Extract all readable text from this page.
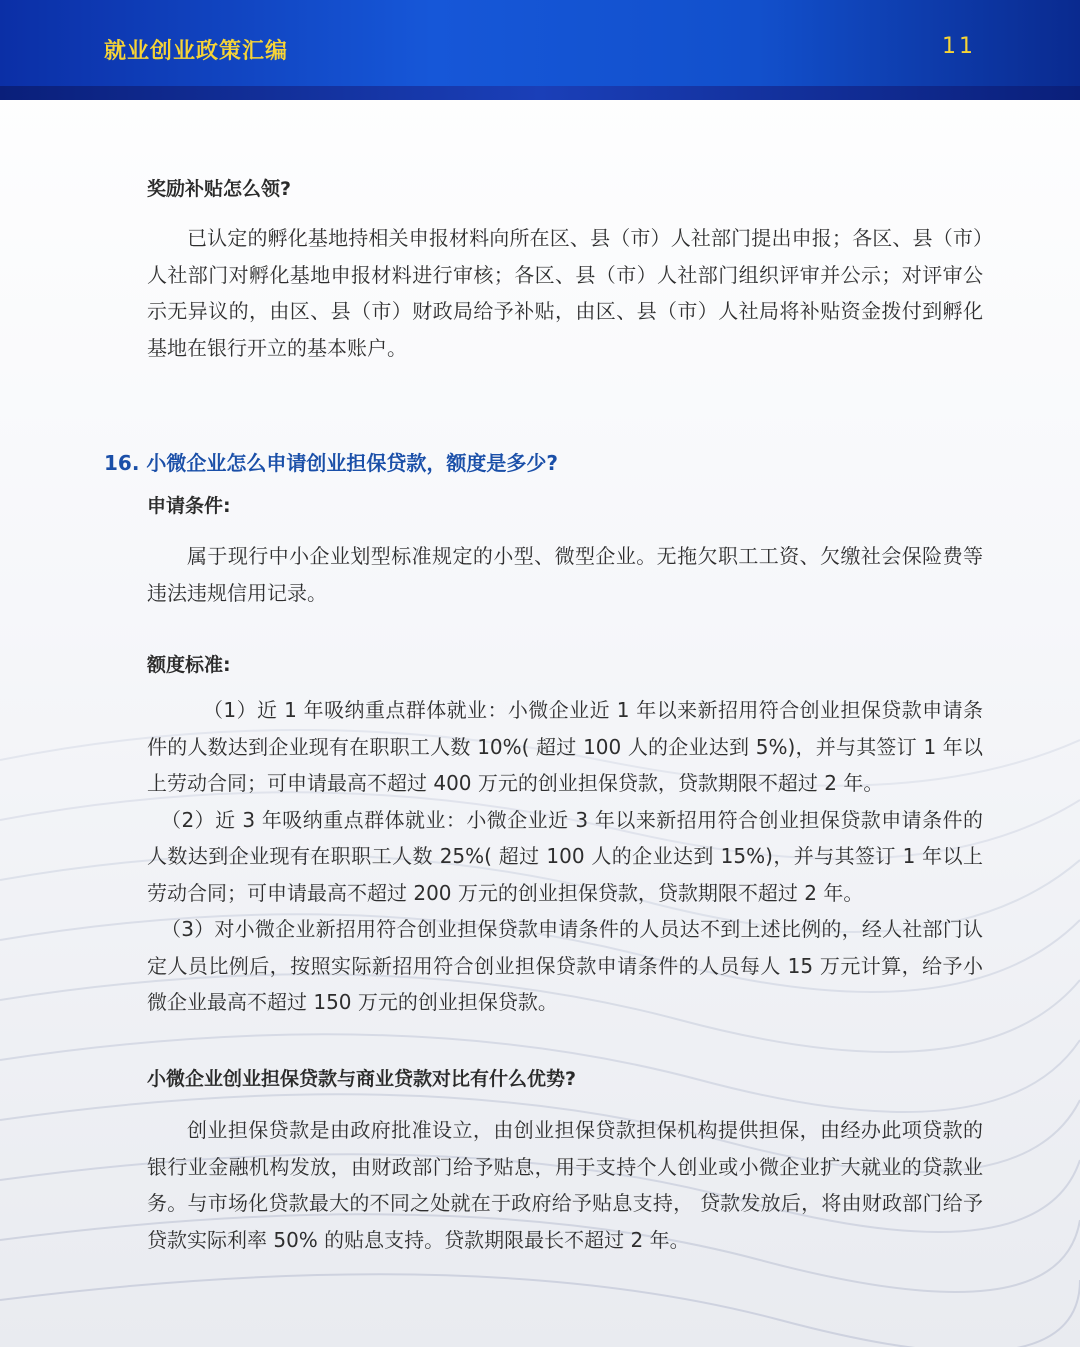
就业创业政策汇编	11
奖励补贴怎么领?

已认定的孵化基地持相关申报材料向所在区、县（市）人社部门提出申报；各区、县（市）人社部门对孵化基地申报材料进行审核；各区、县（市）人社部门组织评审并公示；对评审公示无异议的，由区、县（市）财政局给予补贴，由区、县（市）人社局将补贴资金拨付到孵化基地在银行开立的基本账户。

16. 小微企业怎么申请创业担保贷款，额度是多少?
申请条件:

属于现行中小企业划型标准规定的小型、微型企业。无拖欠职工工资、欠缴社会保险费等违法违规信用记录。

额度标准:

（1）近 1 年吸纳重点群体就业：小微企业近 1 年以来新招用符合创业担保贷款申请条件的人数达到企业现有在职职工人数 10%( 超过 100 人的企业达到 5%)，并与其签订 1 年以上劳动合同；可申请最高不超过 400 万元的创业担保贷款，贷款期限不超过 2 年。

（2）近 3 年吸纳重点群体就业：小微企业近 3 年以来新招用符合创业担保贷款申请条件的人数达到企业现有在职职工人数 25%( 超过 100 人的企业达到 15%)，并与其签订 1 年以上劳动合同；可申请最高不超过 200 万元的创业担保贷款，贷款期限不超过 2 年。

（3）对小微企业新招用符合创业担保贷款申请条件的人员达不到上述比例的，经人社部门认定人员比例后，按照实际新招用符合创业担保贷款申请条件的人员每人 15 万元计算，给予小微企业最高不超过 150 万元的创业担保贷款。

小微企业创业担保贷款与商业贷款对比有什么优势?

创业担保贷款是由政府批准设立，由创业担保贷款担保机构提供担保，由经办此项贷款的银行业金融机构发放，由财政部门给予贴息，用于支持个人创业或小微企业扩大就业的贷款业务。与市场化贷款最大的不同之处就在于政府给予贴息支持， 贷款发放后，将由财政部门给予贷款实际利率 50% 的贴息支持。贷款期限最长不超过 2 年。
